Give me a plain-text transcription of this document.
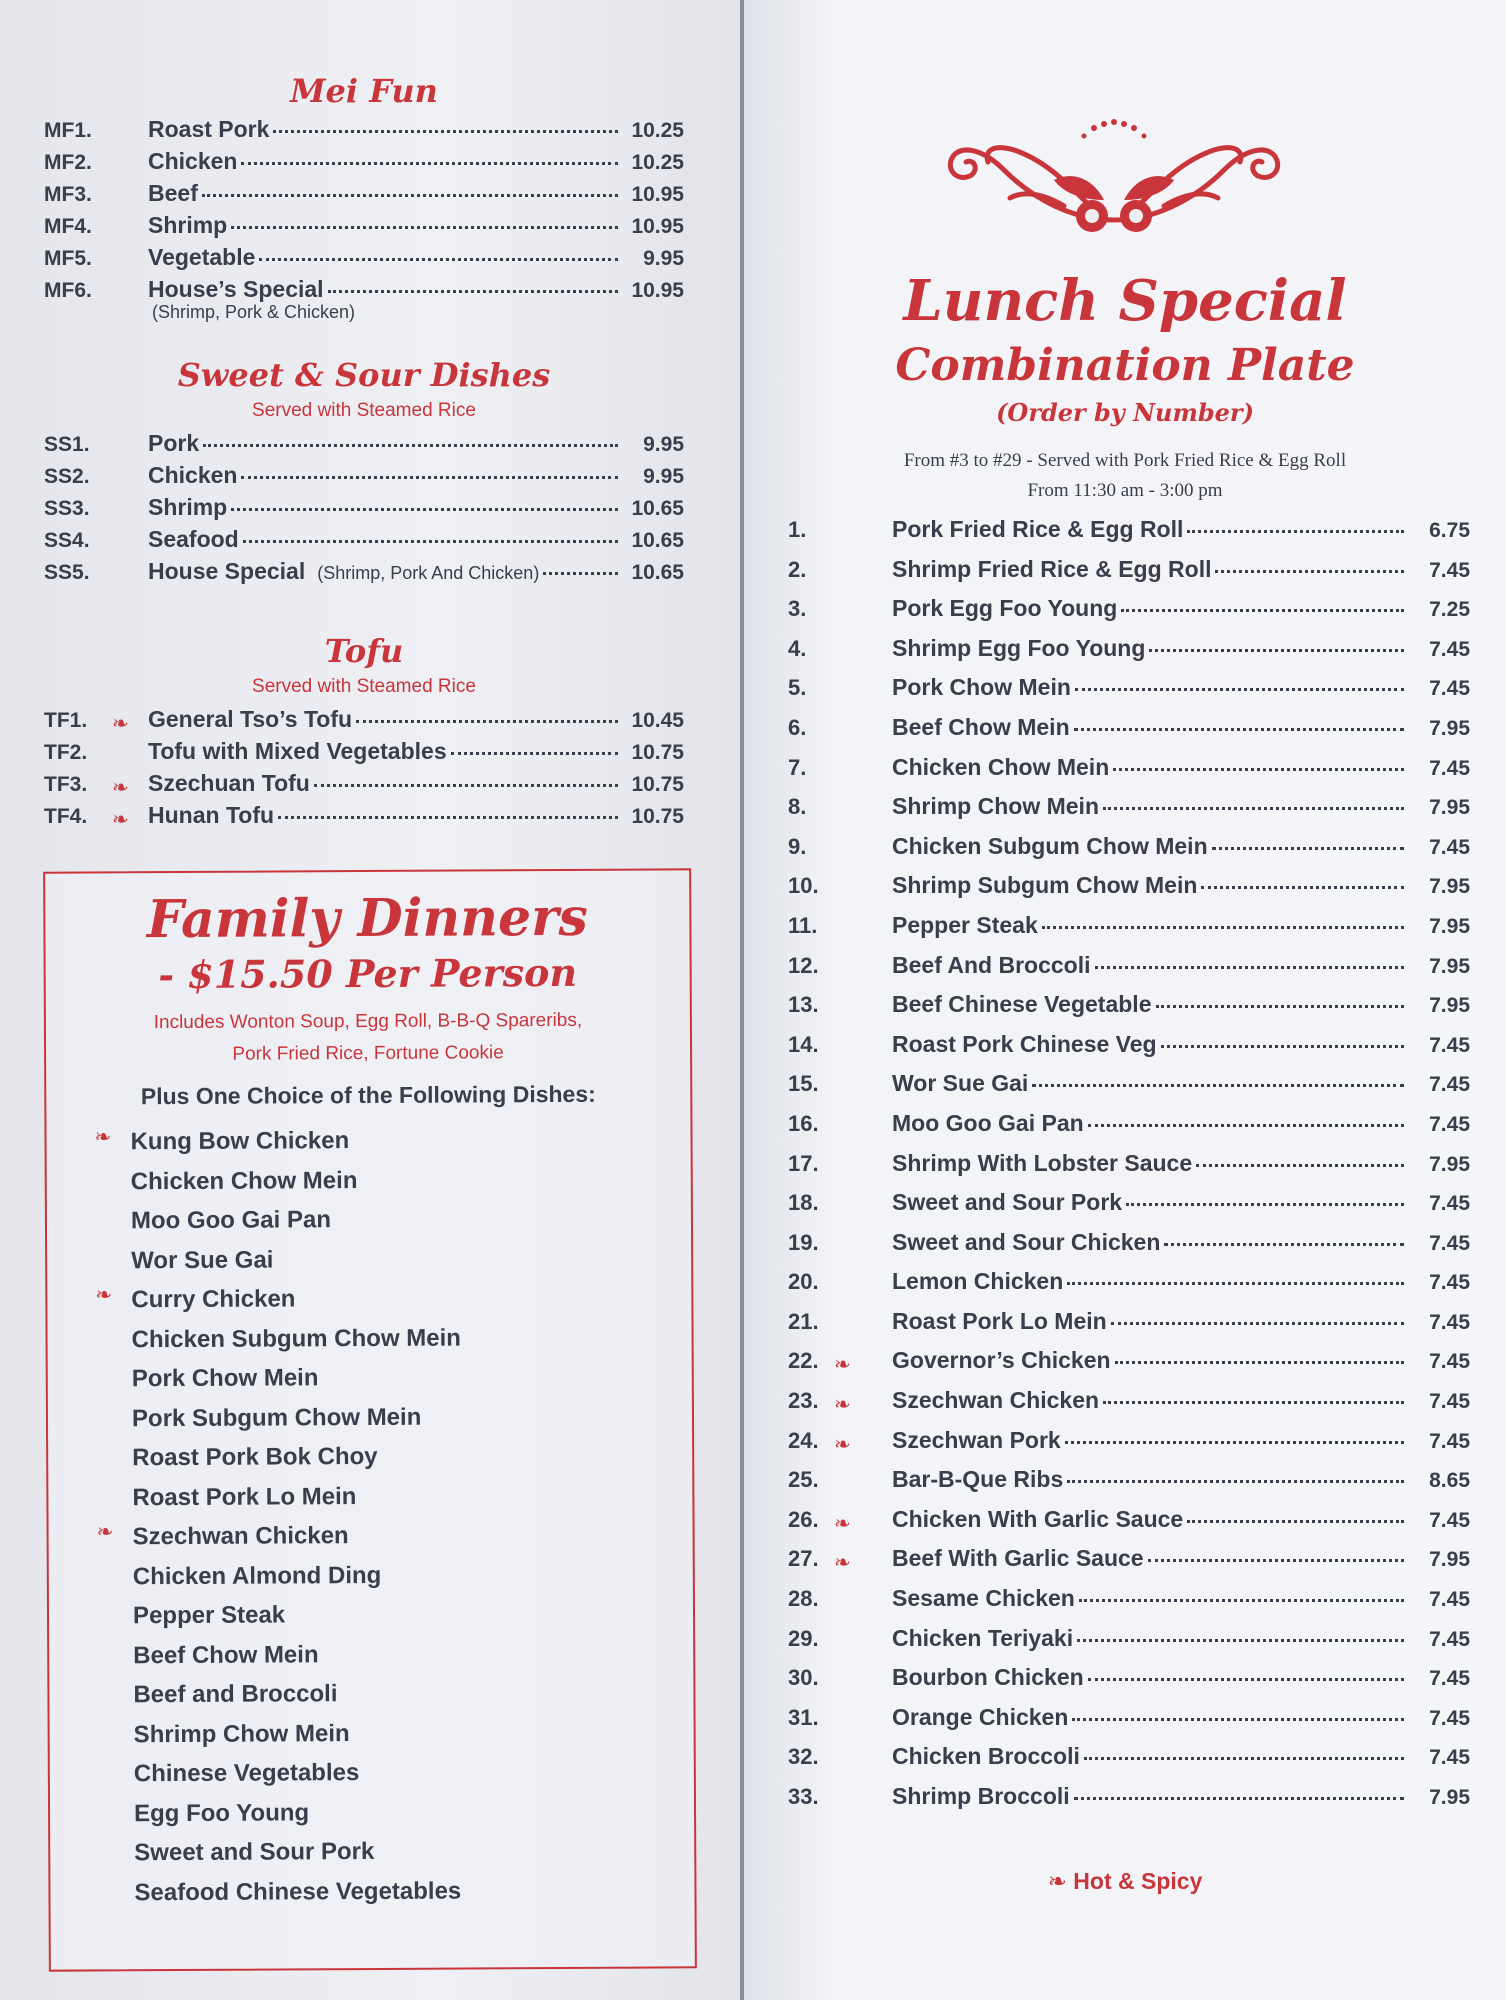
Mei Fun
MF1.	Roast Pork	10.25
MF2.	Chicken	10.25
MF3.	Beef	10.95
MF4.	Shrimp	10.95
MF5.	Vegetable	9.95
MF6.	House’s Special	10.95
(Shrimp, Pork & Chicken)
Sweet & Sour Dishes
Served with Steamed Rice
SS1.	Pork	9.95
SS2.	Chicken	9.95
SS3.	Shrimp	10.65
SS4.	Seafood	10.65
SS5.	House Special (Shrimp, Pork And Chicken)	10.65
Tofu
Served with Steamed Rice
TF1.	❧ General Tso’s Tofu	10.45
TF2.	Tofu with Mixed Vegetables	10.75
TF3.	❧ Szechuan Tofu	10.75
TF4.	❧ Hunan Tofu	10.75
Family Dinners
- $15.50 Per Person
Includes Wonton Soup, Egg Roll, B-B-Q Spareribs,
Pork Fried Rice, Fortune Cookie
Plus One Choice of the Following Dishes:
❧ Kung Bow Chicken
Chicken Chow Mein
Moo Goo Gai Pan
Wor Sue Gai
❧ Curry Chicken
Chicken Subgum Chow Mein
Pork Chow Mein
Pork Subgum Chow Mein
Roast Pork Bok Choy
Roast Pork Lo Mein
❧ Szechwan Chicken
Chicken Almond Ding
Pepper Steak
Beef Chow Mein
Beef and Broccoli
Shrimp Chow Mein
Chinese Vegetables
Egg Foo Young
Sweet and Sour Pork
Seafood Chinese Vegetables
Lunch Special
Combination Plate
(Order by Number)
From #3 to #29 - Served with Pork Fried Rice & Egg Roll
From 11:30 am - 3:00 pm
1.	Pork Fried Rice & Egg Roll	6.75
2.	Shrimp Fried Rice & Egg Roll	7.45
3.	Pork Egg Foo Young	7.25
4.	Shrimp Egg Foo Young	7.45
5.	Pork Chow Mein	7.45
6.	Beef Chow Mein	7.95
7.	Chicken Chow Mein	7.45
8.	Shrimp Chow Mein	7.95
9.	Chicken Subgum Chow Mein	7.45
10.	Shrimp Subgum Chow Mein	7.95
11.	Pepper Steak	7.95
12.	Beef And Broccoli	7.95
13.	Beef Chinese Vegetable	7.95
14.	Roast Pork Chinese Veg	7.45
15.	Wor Sue Gai	7.45
16.	Moo Goo Gai Pan	7.45
17.	Shrimp With Lobster Sauce	7.95
18.	Sweet and Sour Pork	7.45
19.	Sweet and Sour Chicken	7.45
20.	Lemon Chicken	7.45
21.	Roast Pork Lo Mein	7.45
22. ❧ Governor’s Chicken	7.45
23. ❧ Szechwan Chicken	7.45
24. ❧ Szechwan Pork	7.45
25.	Bar-B-Que Ribs	8.65
26. ❧ Chicken With Garlic Sauce	7.45
27. ❧ Beef With Garlic Sauce	7.95
28.	Sesame Chicken	7.45
29.	Chicken Teriyaki	7.45
30.	Bourbon Chicken	7.45
31.	Orange Chicken	7.45
32.	Chicken Broccoli	7.45
33.	Shrimp Broccoli	7.95
❧ Hot & Spicy
